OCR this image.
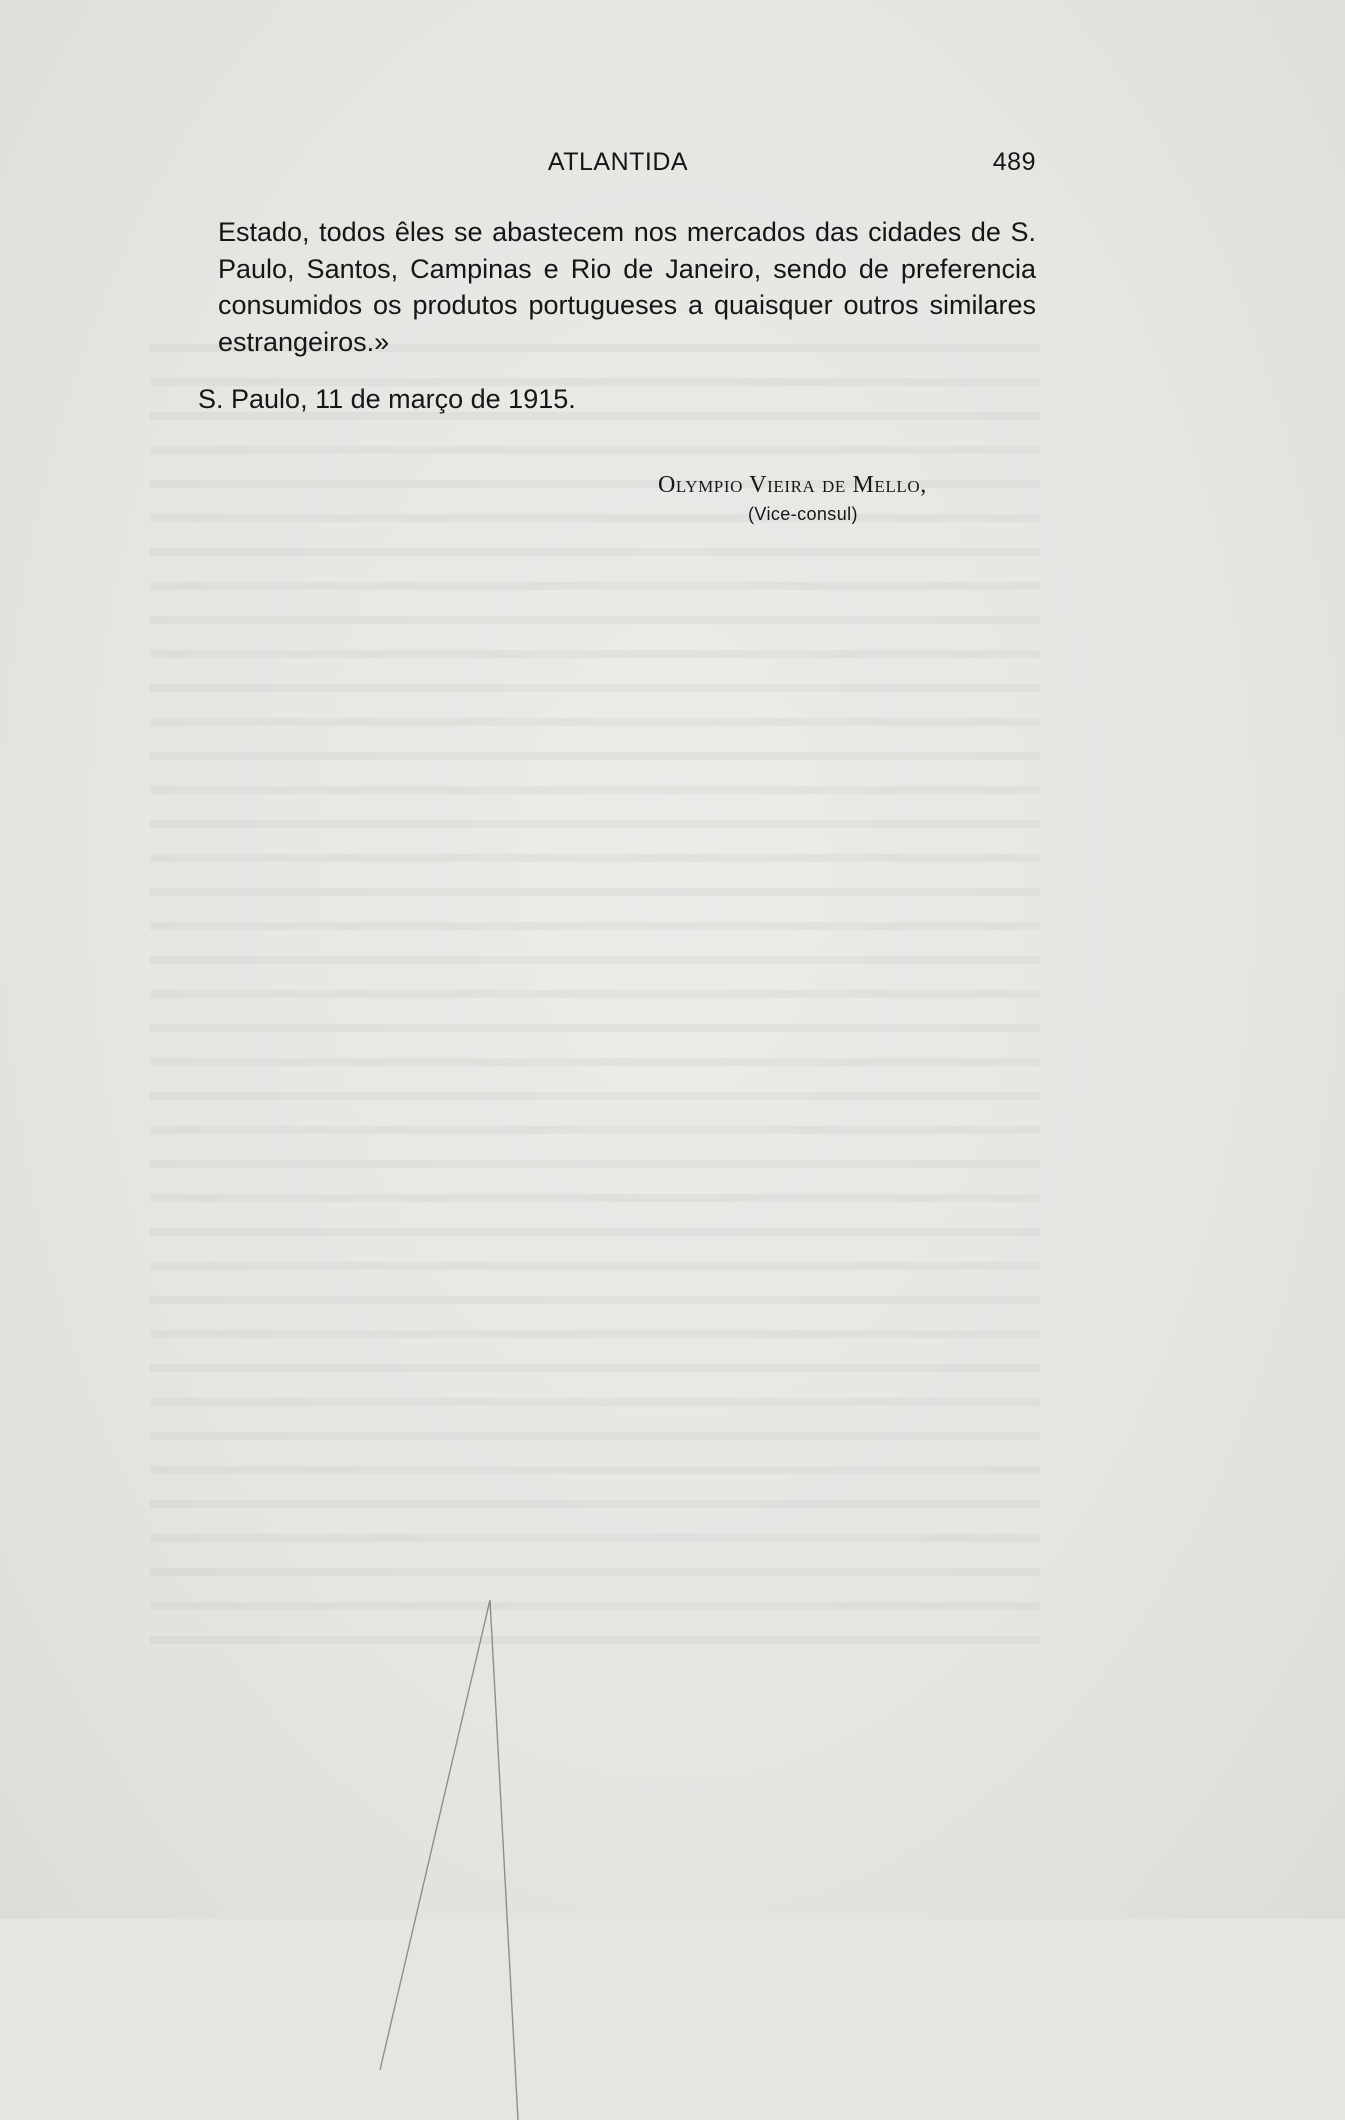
ATLANTIDA	489

Estado, todos êles se abastecem nos mercados das cidades de S. Paulo, Santos, Campinas e Rio de Janeiro, sendo de preferencia consumidos os produtos portugueses a quaisquer outros similares estrangeiros.»

S. Paulo, 11 de março de 1915.

Olympio Vieira de Mello,
(Vice-consul)
